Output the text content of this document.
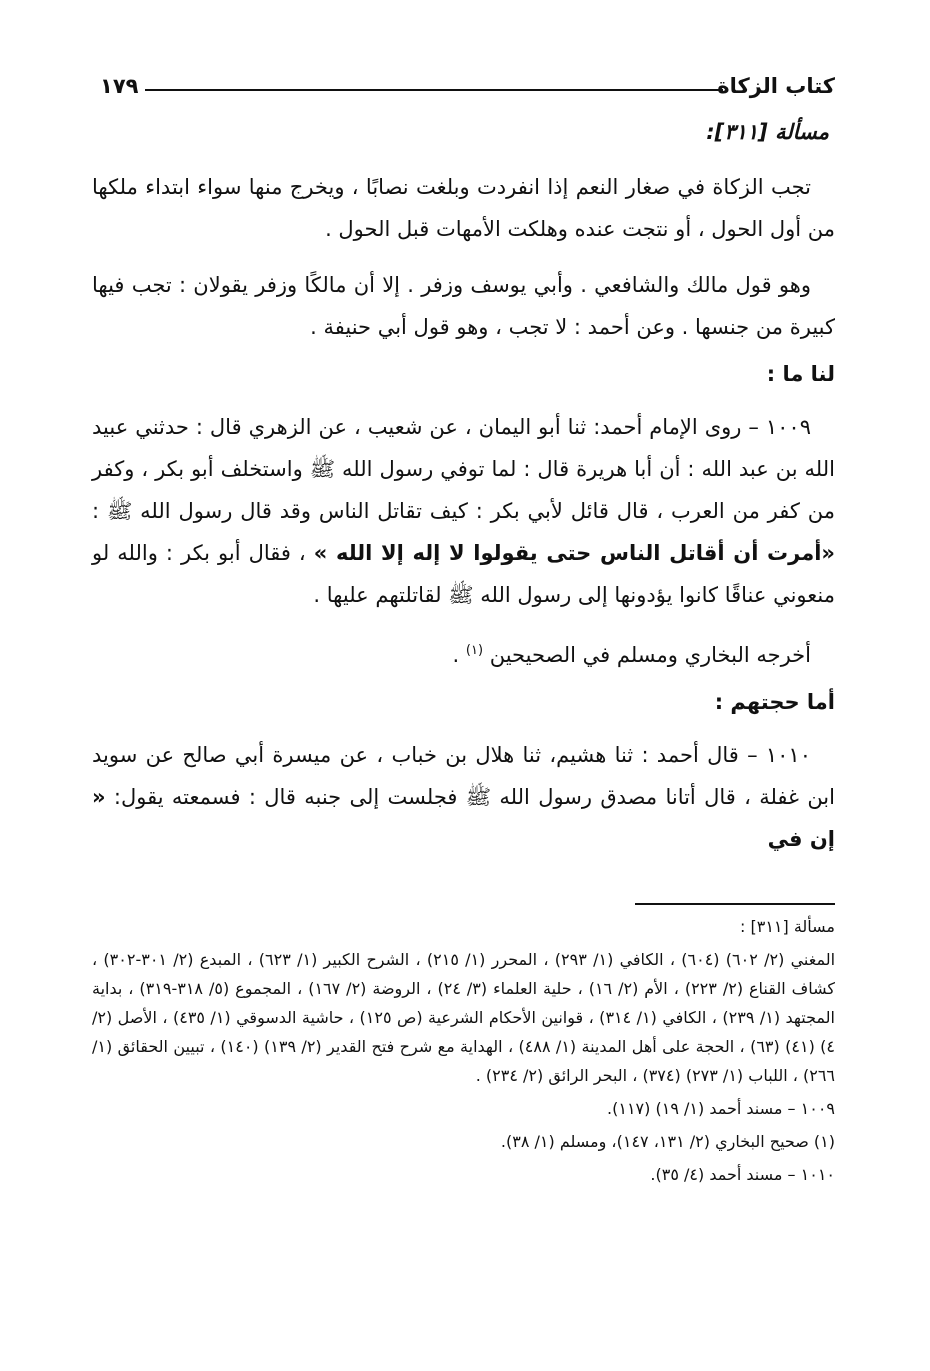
كتاب الزكاة
١٧٩
مسألة [٣١١]:

تجب الزكاة في صغار النعم إذا انفردت وبلغت نصابًا ، ويخرج منها سواء ابتداء ملكها من أول الحول ، أو نتجت عنده وهلكت الأمهات قبل الحول .

وهو قول مالك والشافعي . وأبي يوسف وزفر . إلا أن مالكًا وزفر يقولان : تجب فيها كبيرة من جنسها . وعن أحمد : لا تجب ، وهو قول أبي حنيفة .

لنا ما :

١٠٠٩ – روى الإمام أحمد: ثنا أبو اليمان ، عن شعيب ، عن الزهري قال : حدثني عبيد الله بن عبد الله : أن أبا هريرة قال : لما توفي رسول الله ﷺ واستخلف أبو بكر ، وكفر من كفر من العرب ، قال قائل لأبي بكر : كيف تقاتل الناس وقد قال رسول الله ﷺ : «أمرت أن أقاتل الناس حتى يقولوا لا إله إلا الله » ، فقال أبو بكر : والله لو منعوني عناقًا كانوا يؤدونها إلى رسول الله ﷺ لقاتلتهم عليها .

أخرجه البخاري ومسلم في الصحيحين $^{(١)}$ .

أما حجتهم :

١٠١٠ – قال أحمد : ثنا هشيم، ثنا هلال بن خباب ، عن ميسرة أبي صالح عن سويد ابن غفلة ، قال أتانا مصدق رسول الله ﷺ فجلست إلى جنبه قال : فسمعته يقول: « إن في

مسألة [٣١١] :
المغني (٢/ ٦٠٢) (٦٠٤) ، الكافي (١/ ٢٩٣) ، المحرر (١/ ٢١٥) ، الشرح الكبير (١/ ٦٢٣) ، المبدع (٢/ ٣٠١-٣٠٢) ، كشاف القناع (٢/ ٢٢٣) ، الأم (٢/ ١٦) ، حلية العلماء (٣/ ٢٤) ، الروضة (٢/ ١٦٧) ، المجموع (٥/ ٣١٨-٣١٩) ، بداية المجتهد (١/ ٢٣٩) ، الكافي (١/ ٣١٤) ، قوانين الأحكام الشرعية (ص ١٢٥) ، حاشية الدسوقي (١/ ٤٣٥) ، الأصل (٢/ ٤) (٤١) (٦٣) ، الحجة على أهل المدينة (١/ ٤٨٨) ، الهداية مع شرح فتح القدير (٢/ ١٣٩) (١٤٠) ، تبيين الحقائق (١/ ٢٦٦) ، اللباب (١/ ٢٧٣) (٣٧٤) ، البحر الرائق (٢/ ٢٣٤) .
١٠٠٩ – مسند أحمد (١/ ١٩) (١١٧).
(١) صحيح البخاري (٢/ ١٣١، ١٤٧)، ومسلم (١/ ٣٨).
١٠١٠ – مسند أحمد (٤/ ٣٥).
